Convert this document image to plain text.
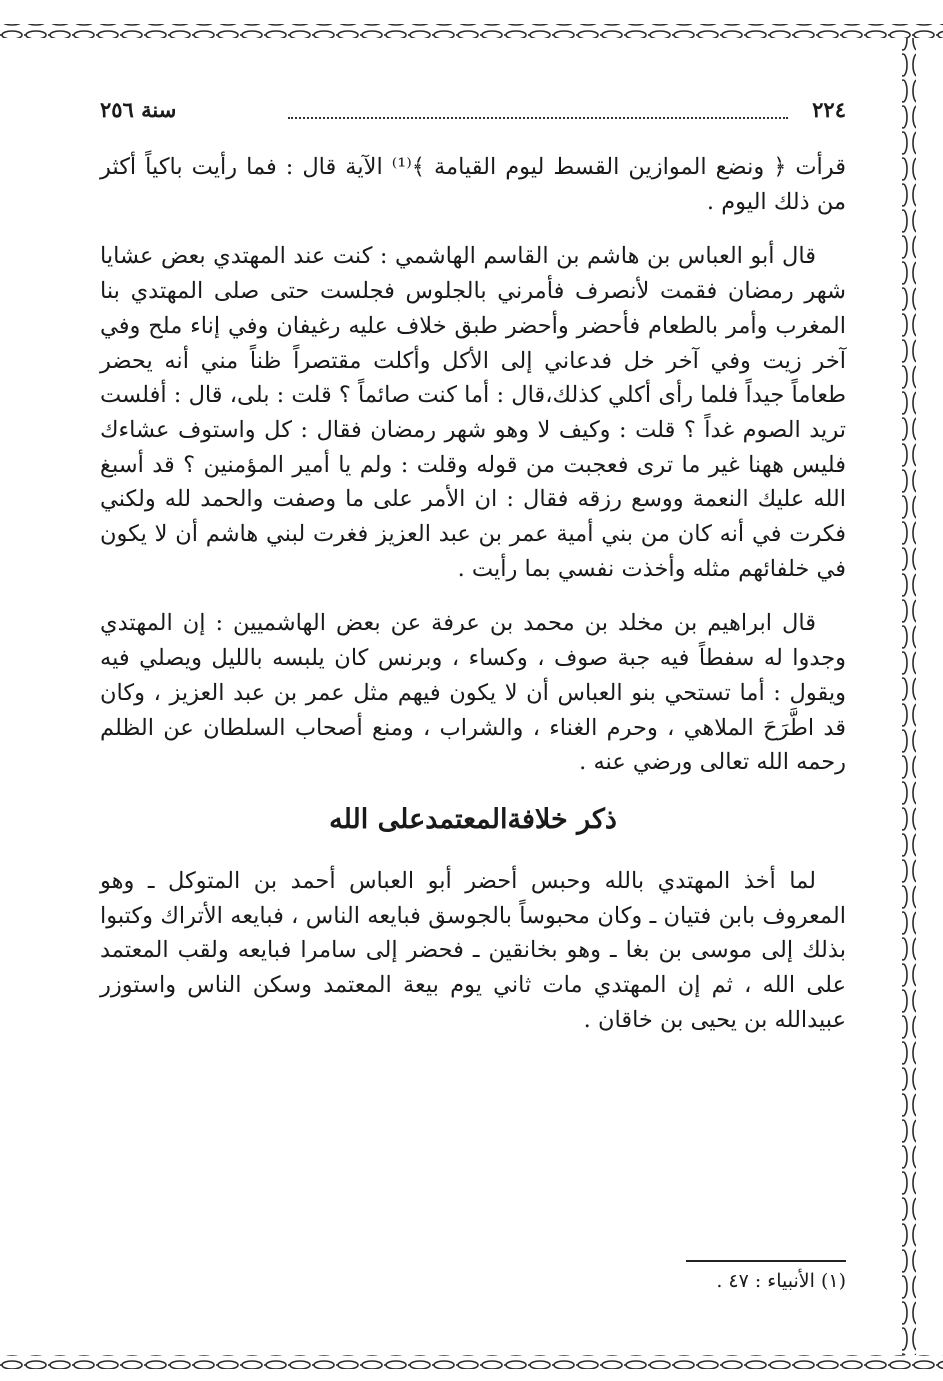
٢٢٤
سنة ٢٥٦

قرأت ﴿ ونضع الموازين القسط ليوم القيامة ﴾⁽¹⁾ الآية قال : فما رأيت باكياً أكثر من ذلك اليوم .

قال أبو العباس بن هاشم بن القاسم الهاشمي : كنت عند المهتدي بعض عشايا شهر رمضان فقمت لأنصرف فأمرني بالجلوس فجلست حتى صلى المهتدي بنا المغرب وأمر بالطعام فأحضر وأحضر طبق خلاف عليه رغيفان وفي إناء ملح وفي آخر زيت وفي آخر خل فدعاني إلى الأكل وأكلت مقتصراً ظناً مني أنه يحضر طعاماً جيداً فلما رأى أكلي كذلك،قال : أما كنت صائماً ؟ قلت : بلى، قال : أفلست تريد الصوم غداً ؟ قلت : وكيف لا وهو شهر رمضان فقال : كل واستوف عشاءك فليس ههنا غير ما ترى فعجبت من قوله وقلت : ولم يا أمير المؤمنين ؟ قد أسبغ الله عليك النعمة ووسع رزقه فقال : ان الأمر على ما وصفت والحمد لله ولكني فكرت في أنه كان من بني أمية عمر بن عبد العزيز فغرت لبني هاشم أن لا يكون في خلفائهم مثله وأخذت نفسي بما رأيت .

قال ابراهيم بن مخلد بن محمد بن عرفة عن بعض الهاشميين : إن المهتدي وجدوا له سفطاً فيه جبة صوف ، وكساء ، وبرنس كان يلبسه بالليل ويصلي فيه ويقول : أما تستحي بنو العباس أن لا يكون فيهم مثل عمر بن عبد العزيز ، وكان قد اطَّرَحَ الملاهي ، وحرم الغناء ، والشراب ، ومنع أصحاب السلطان عن الظلم رحمه الله تعالى ورضي عنه .

ذكر خلافةالمعتمدعلى الله

لما أخذ المهتدي بالله وحبس أحضر أبو العباس أحمد بن المتوكل ـ وهو المعروف بابن فتيان ـ وكان محبوساً بالجوسق فبايعه الناس ، فبايعه الأتراك وكتبوا بذلك إلى موسى بن بغا ـ وهو بخانقين ـ فحضر إلى سامرا فبايعه ولقب المعتمد على الله ، ثم إن المهتدي مات ثاني يوم بيعة المعتمد وسكن الناس واستوزر عبيدالله بن يحيى بن خاقان .

(١) الأنبياء : ٤٧ .
